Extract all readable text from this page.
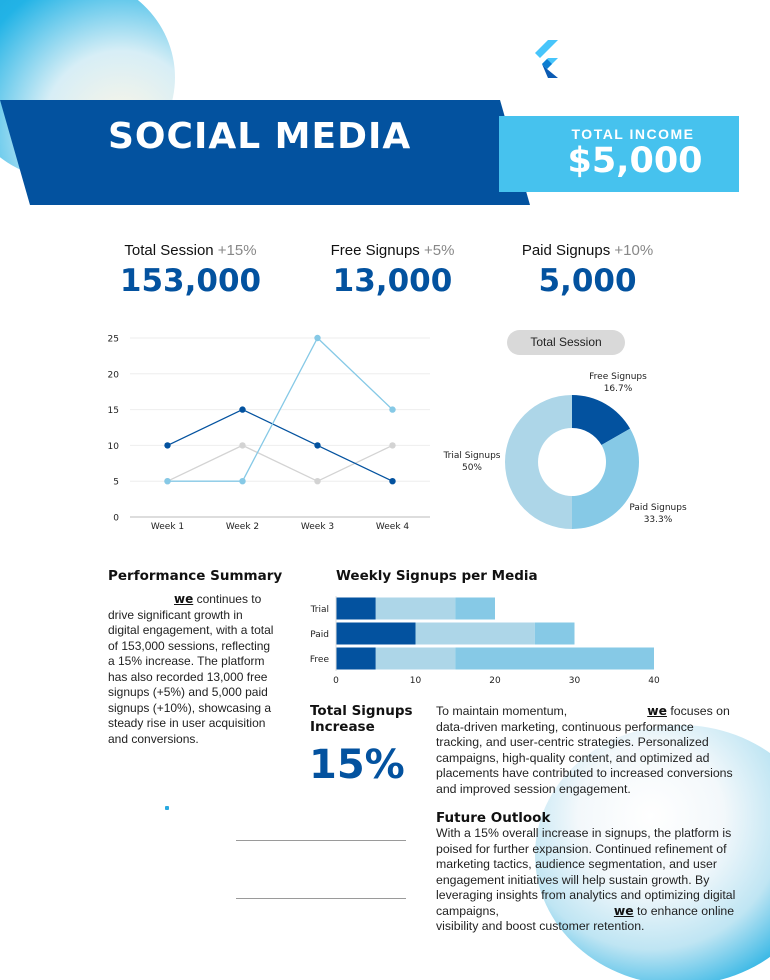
SOCIAL MEDIA	TOTAL INCOME
$5,000
Total Session +15%
153,000
Free Signups +5%
13,000
Paid Signups +10%
5,000
0
5
10
15
20
25
Week 1	Week 2	Week 3	Week 4
Total Session
Free Signups
16.7%
Paid Signups
33.3%
Trial Signups
50%
Performance Summary
we continues to
drive significant growth in digital engagement, with a total of 153,000 sessions, reflecting a 15% increase. The platform has also recorded 13,000 free signups (+5%) and 5,000 paid signups (+10%), showcasing a steady rise in user acquisition and conversions.
Weekly Signups per Media
0	10	20	30	40
Trial
Paid
Free
Total Signups
Increase
15%
To maintain momentum,	we focuses on data-driven marketing, continuous performance tracking, and user-centric strategies. Personalized campaigns, high-quality content, and optimized ad placements have contributed to increased conversions and improved session engagement.
Future Outlook
With a 15% overall increase in signups, the platform is poised for further expansion. Continued refinement of marketing tactics, audience segmentation, and user engagement initiatives will help sustain growth. By leveraging insights from analytics and optimizing digital campaigns,	we to enhance online visibility and boost customer retention.
